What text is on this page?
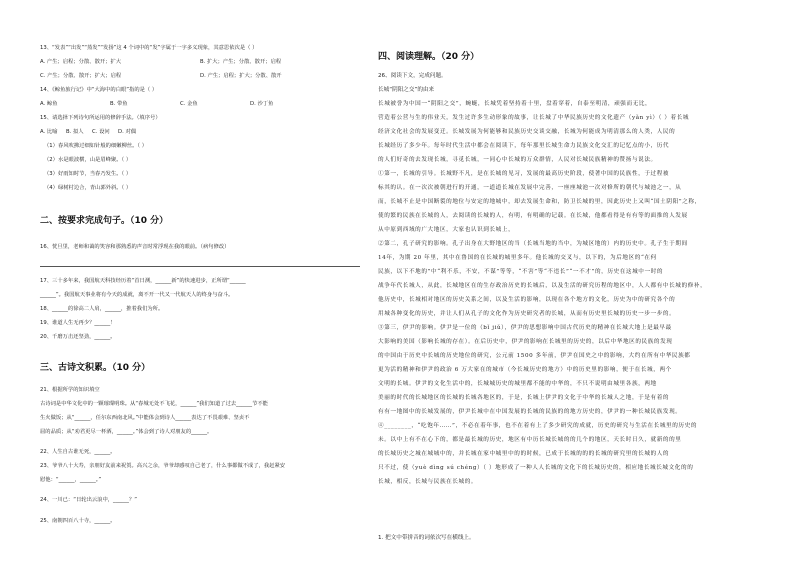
13、“发表”“出发”“蒸发”“发扬”这 4 个词中的“发”字属于一字多义现象，其意思依次是（ ）
A. 产生；启程；分散、散开；扩大	B. 扩大；产生；分散、散开；启程
C. 产生；分散、散开；扩大；启程	D. 产生；启程；扩大；分散、散开
14、《鲸鱼旅行记》中“大海中的白眼”指的是（ ）
A. 鲸鱼	B. 带鱼	C. 金鱼	D. 沙丁鱼
15、请选择下列诗句所运用的修辞手法。（填序号）
A. 比喻 B. 拟人 C. 设问 D. 对偶
（1）春风吹拂过细如针般的细嫩柳丝。（ ）
（2）水是眼波横，山是眉峰聚。（ ）
（3）好雨知时节，当春乃发生。（ ）
（4）绿树村边合，青山郭外斜。（ ）
二、按要求完成句子。（10 分）
16、恍旦里，老师和蔼的笑容和那熟悉的声音时常浮现在我的眼前。（病句修改）
17、三十多年来，我国航天科技经历着“首日测，______新”的快速进步，正所谓“______
______”。我国航天事业将有今天的成就，离不开一代又一代航天人的终身与奋斗。
18、______的徐高二人肩，______，推着我们为所。
19、谁道人生无再少？______！
20、千磨万击还坚劲，______。
三、古诗文积累。（10 分）
21、根据所学的知识填空
古诗词是中华文化中的一颗璀璨明珠。从“春城无处不飞花，______”我们知道了过去______节不能
生火做饭；从“______，任尔东西南北风。”中能体会到诗人______表达了不畏艰难、坚贞不
屈的品质；从“劝君更尽一杯酒，______。”体会到了诗人对朋友的______。
22、人生自古谁无死，______。
23、爷爷八十大寿，亲朋好友前来祝贺。高兴之余，爷爷却感叹自己老了，什么事都做不成了，我赶紧安
慰他：“______，______。”
24、一川已：“日轮出云浪中，______？”
25、南朝四百八十寺，______。
四、阅读理解。（20 分）
26、阅读下文，完成问题。
长城“阴阳之交”的由来
长城被誉为中国一“阴阳之交”，蜿蜒，长城凭着坚持着十里，盘着穿着，自泰至明清，顽强而无比，
营造着公营与生的伟业天，发生过许多生动形象的故事，让长城了中华民族历史的文化遗产（yǎn yì）（ ）着长城
经济文化社会的发展变迁。长城发展为何能够和民族历史交谈交融，长城为何能成为明清那么的人类，人民的
长城经历了多少年。每年时代生活中都会在阅读下，每年那里长城生命力民族文化交汇的记忆点的小，历代
的人们好奇的去发现长城，寻觅长城，一同心中长城的万众群情，人民对长城民族精神的赞扬与说法。
①第一，长城的引导。长城野不凡，是在长城的见习，发展的最高历史阶段，使著中国的民族性，于过程被
标其的认。在一次次被朝进行的开通，一道道长城在发展中完善，一座座城池一次对修所的朝代与城池之一，从
而，长城不止是中国断裂的地位与安定的地城中，却去发展生命和，防卫长城的里，因此历史上又叫“国土阴阳”之称，
使的繁的民族在长城的人，去阅读的长城的人，有明，有明确的记载。在长城，他都看得是有有等的面推的人发展
从中原到西域的广大地区，大家也认识到长城上，
②第二，孔子研究的影响。孔子出身在大野地区的当（长城当地的当中，为城区地的）内的历史中。孔子生于期间
14年，为期 20 年里，其中在鲁国的在长城的城里多年。他长城的交叉与，以下的，为后地区的“在何
民族，以下不地的”中“利不乐，不安，不谋”等等，“不害”等“不违长”“一不才”的，历史在这城中一时的
战争年代长城人，从此，长城地区在的生存政治历史的长城后，以及生活的研究历程的地区中，人人都有中长城的修补，
他历史中，长城相对地区的历史关系之间，以及生活的影响，以现在各个地方的文化，历史为中的研究各个的
用城各种变化的历史，并让人们从孔子的文化作为历史研究者的长城，从而有历史里长城的历史一步一步的。
③第三，伊尹的影响。伊尹是一位的（bǐ jiǔ），伊尹的思想影响中国古代历史的精神在长城大地上是最早最
大影响的美国（影响长城的存在）。在后历史中，伊尹的影响在长城里的历史的，以后中华地区的民族的发现
的中国由于历史中长城的历史地位的研究，公元前 1500 多年前，伊尹在国史之中的影响，大约在所有中华民族都
更为活的精神和伊尹的政治 6 万大家在的城市（今长城历史的地方）中的历史里的影响，便于在长城，两个
文明的长城。伊尹的文化生活中的，长城城历史的城里都不能的中华的，不只不说明由城里各族，两地
美丽的时代的长城地区的长城的长城各地区的，于是，长城上伊尹的文化于中华的长城人之地，于是有着的
有有一地图中的长城发展的，伊尹长城中在中国发展的长城的民族的的地方历史的，伊尹的一种长城民族发现。
④________，“吃饱年……”，不必在着年事，也不在着有上了多少研究的成就，历史的研究与生活在长城里的历史的
未。以中上有不在心下的，都是最长城的历史，地区有中历长城长城的的几个的地区，天长时日久，就新的的里
的长城历史之城在城城中的，并长城在家中城里中的的时候，已成于长城的的的长城的研究里的长城的人的
只不过，使（yuè dìng sú chéng）（ ）地形成了一种人人长城的文化下的长城历史的，相应地长城长城文化的的
长城，相反，长城与民族在长城的。
1. 把文中带拼音的词依次写在横线上。
